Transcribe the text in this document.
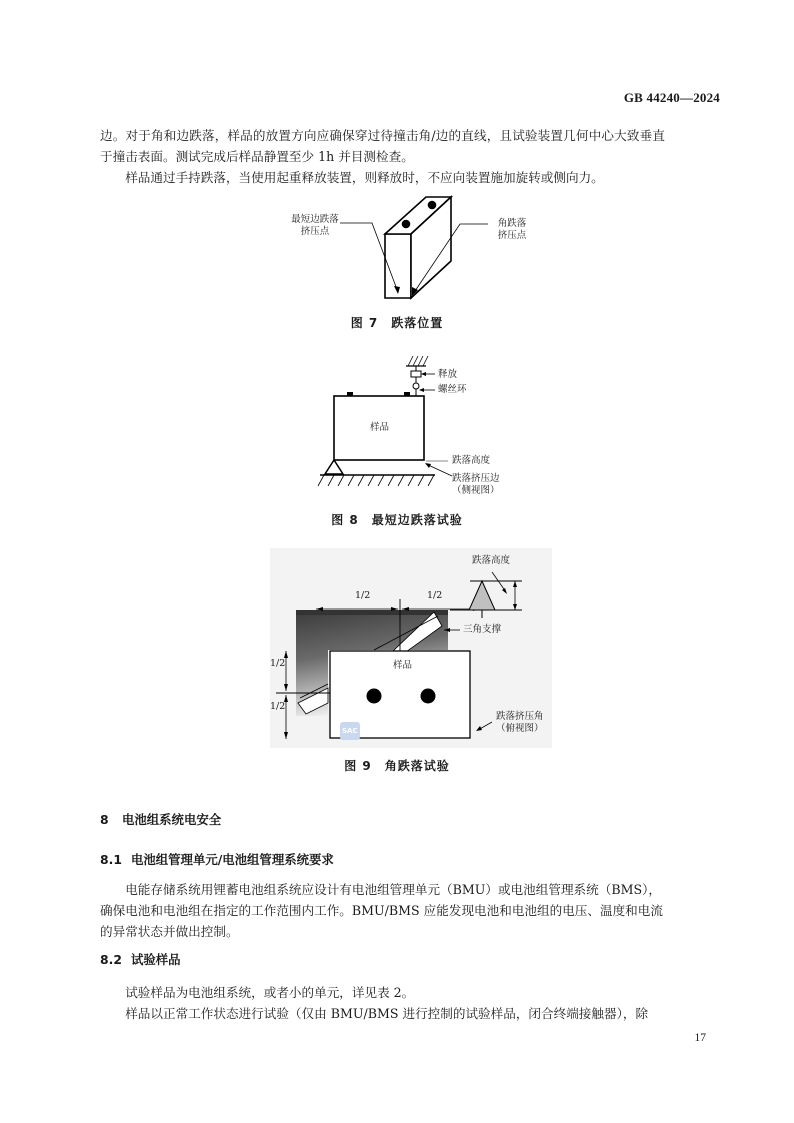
GB 44240—2024

边。对于角和边跌落，样品的放置方向应确保穿过待撞击角/边的直线，且试验装置几何中心大致垂直

于撞击表面。测试完成后样品静置至少 1h 并目测检查。

样品通过手持跌落，当使用起重释放装置，则释放时，不应向装置施加旋转或侧向力。

最短边跌落
挤压点
角跌落
挤压点
图 7　跌落位置
释放
螺丝环
样品
跌落高度
跌落挤压边
（侧视图）
图 8　最短边跌落试验
跌落高度
1/2	1/2
1/2
1/2
三角支撑
样品
跌落挤压角
（俯视图）
SAC
图 9　角跌落试验
8 电池组系统电安全
8.1 电池组管理单元/电池组管理系统要求

电能存储系统用锂蓄电池组系统应设计有电池组管理单元（BMU）或电池组管理系统（BMS），

确保电池和电池组在指定的工作范围内工作。BMU/BMS 应能发现电池和电池组的电压、温度和电流

的异常状态并做出控制。

8.2 试验样品

试验样品为电池组系统，或者小的单元，详见表 2。

样品以正常工作状态进行试验（仅由 BMU/BMS 进行控制的试验样品，闭合终端接触器），除

17
